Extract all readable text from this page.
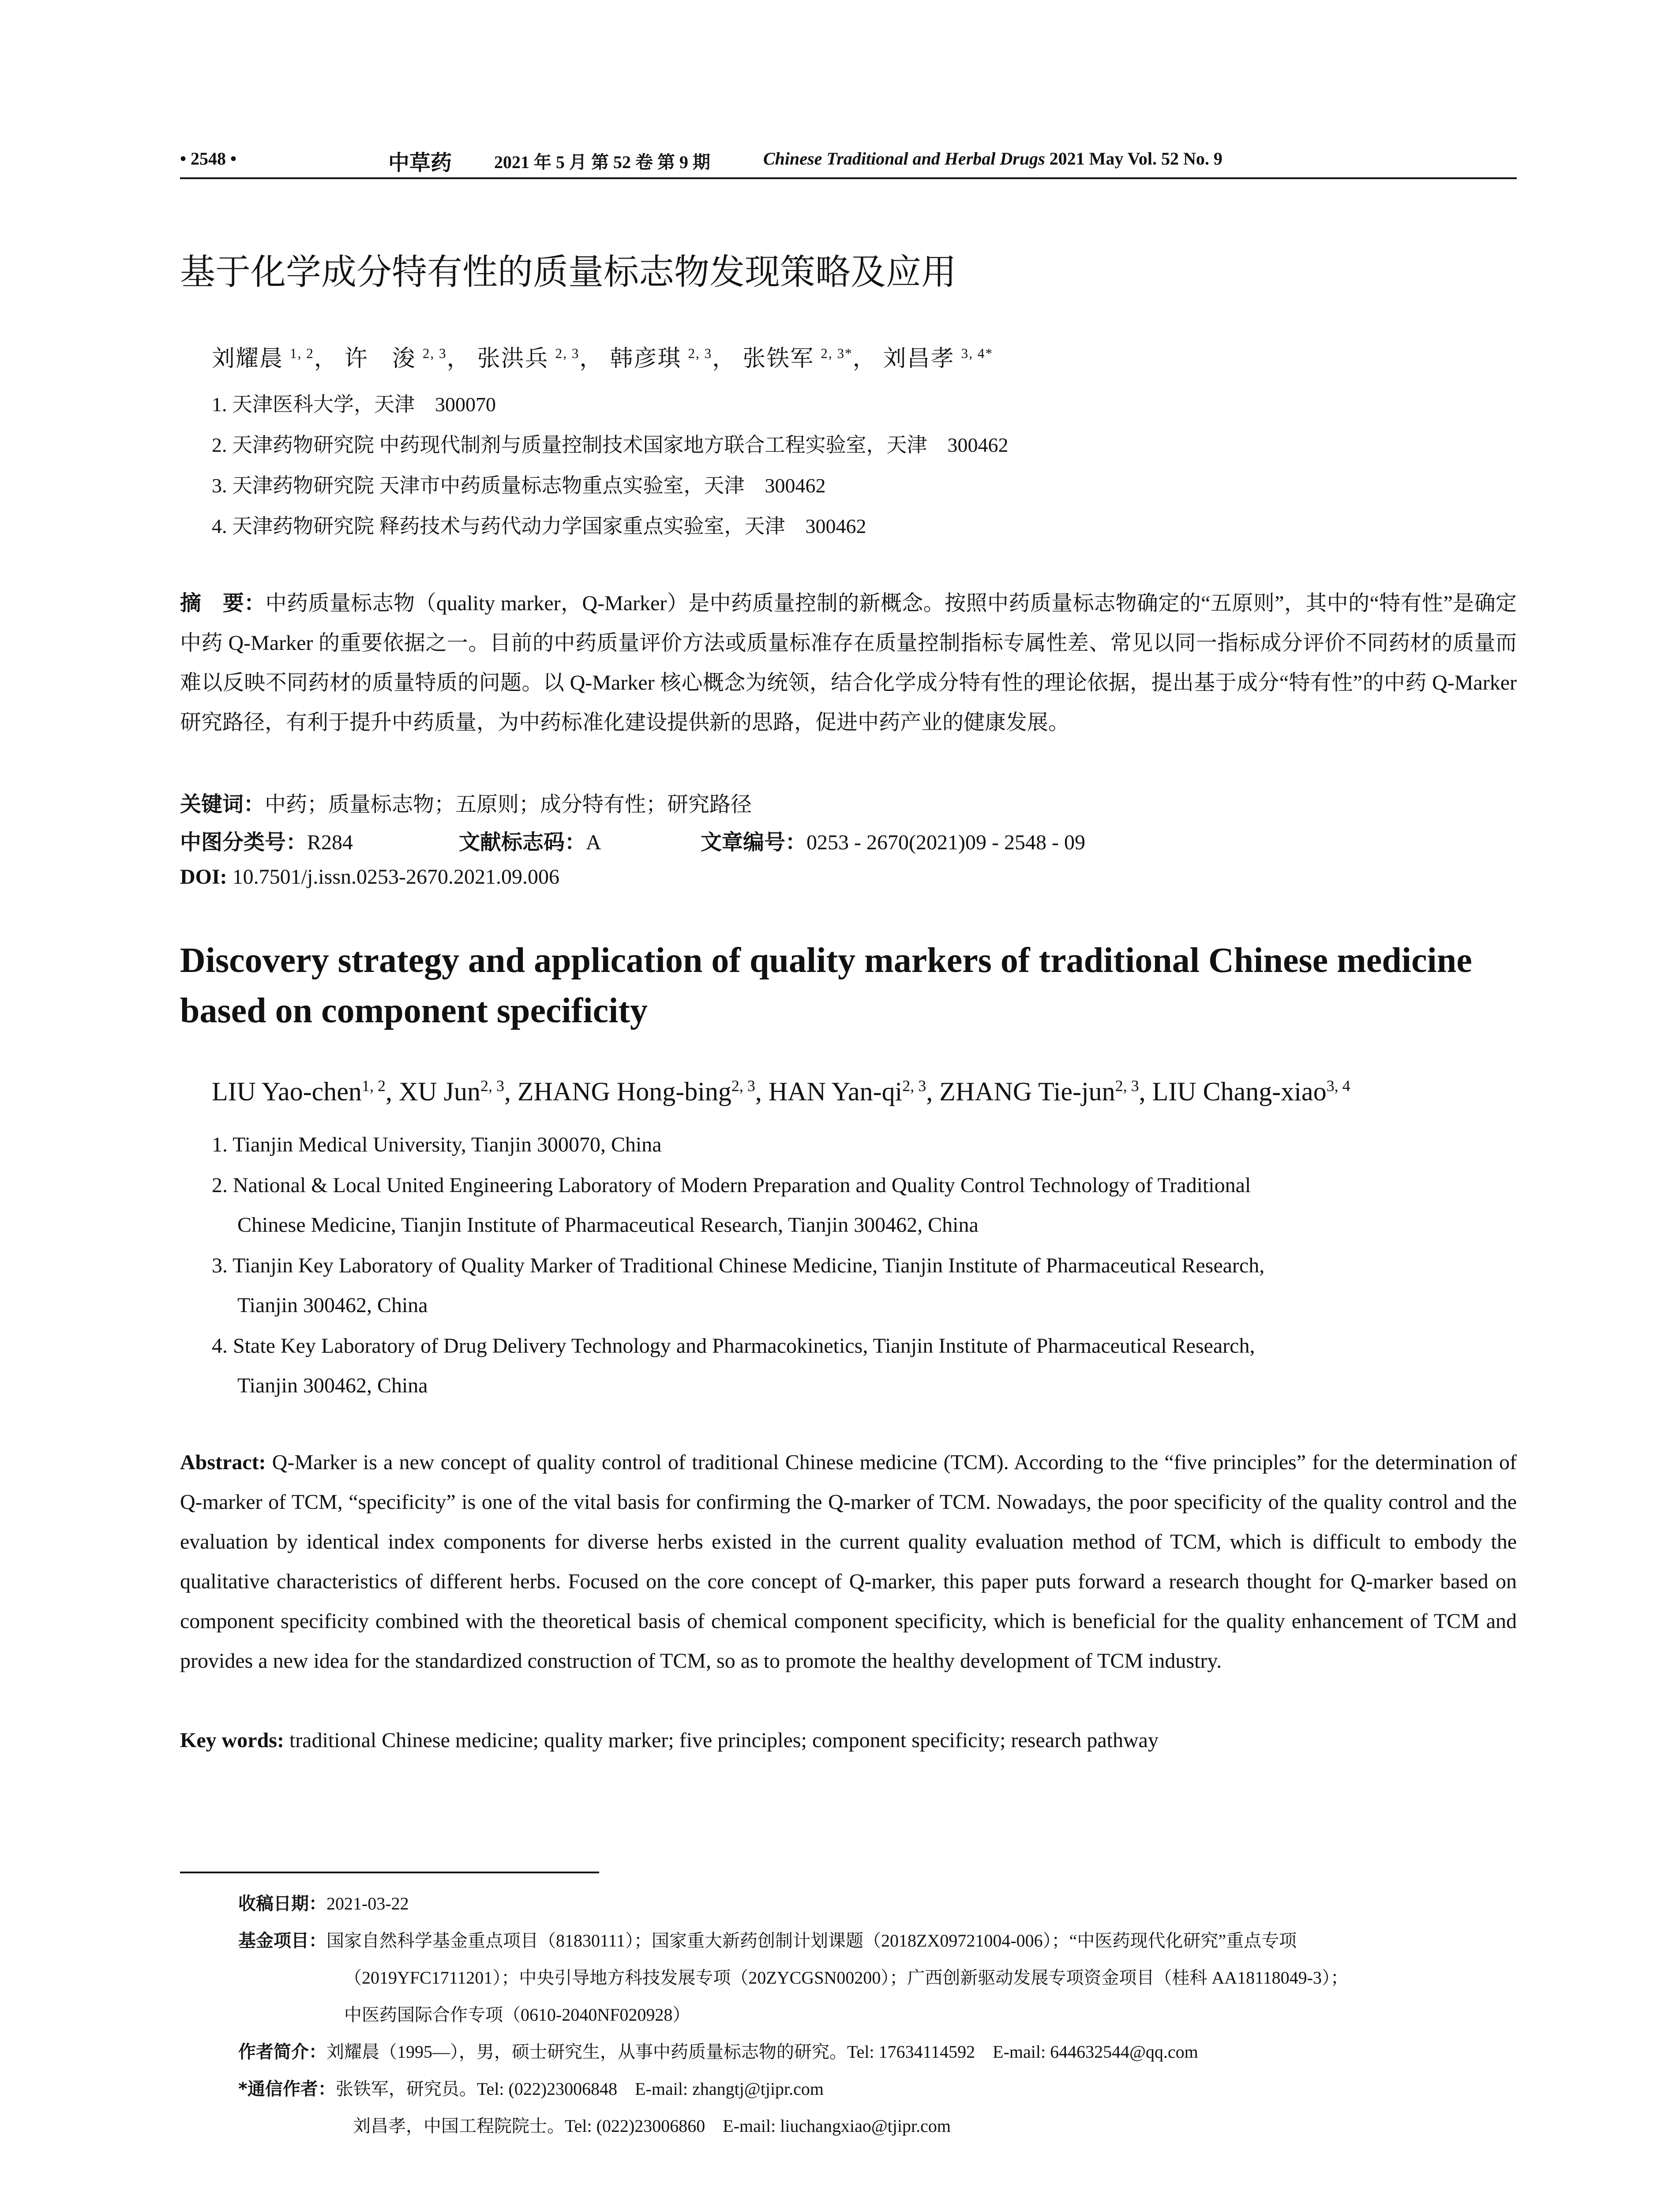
• 2548 •	中草药 2021 年 5 月 第 52 卷 第 9 期	Chinese Traditional and Herbal Drugs 2021 May Vol. 52 No. 9
基于化学成分特有性的质量标志物发现策略及应用
刘耀晨 $^{1, 2}$， 许　浚 $^{2, 3}$， 张洪兵 $^{2, 3}$， 韩彦琪 $^{2, 3}$， 张铁军 $^{2, 3*}$， 刘昌孝 $^{3, 4*}$
1. 天津医科大学，天津　300070
2. 天津药物研究院 中药现代制剂与质量控制技术国家地方联合工程实验室，天津　300462
3. 天津药物研究院 天津市中药质量标志物重点实验室，天津　300462
4. 天津药物研究院 释药技术与药代动力学国家重点实验室，天津　300462
摘　要：中药质量标志物（quality marker，Q-Marker）是中药质量控制的新概念。按照中药质量标志物确定的“五原则”，其中的“特有性”是确定中药 Q-Marker 的重要依据之一。目前的中药质量评价方法或质量标准存在质量控制指标专属性差、常见以同一指标成分评价不同药材的质量而难以反映不同药材的质量特质的问题。以 Q-Marker 核心概念为统领，结合化学成分特有性的理论依据，提出基于成分“特有性”的中药 Q-Marker 研究路径，有利于提升中药质量，为中药标准化建设提供新的思路，促进中药产业的健康发展。
关键词：中药；质量标志物；五原则；成分特有性；研究路径
中图分类号：R284	文献标志码：A	文章编号：0253 - 2670(2021)09 - 2548 - 09
DOI: 10.7501/j.issn.0253-2670.2021.09.006
Discovery strategy and application of quality markers of traditional Chinese medicine based on component specificity
LIU Yao-chen$^{1, 2}$, XU Jun$^{2, 3}$, ZHANG Hong-bing$^{2, 3}$, HAN Yan-qi$^{2, 3}$, ZHANG Tie-jun$^{2, 3}$, LIU Chang-xiao$^{3, 4}$
1. Tianjin Medical University, Tianjin 300070, China
2. National & Local United Engineering Laboratory of Modern Preparation and Quality Control Technology of Traditional
Chinese Medicine, Tianjin Institute of Pharmaceutical Research, Tianjin 300462, China
3. Tianjin Key Laboratory of Quality Marker of Traditional Chinese Medicine, Tianjin Institute of Pharmaceutical Research,
Tianjin 300462, China
4. State Key Laboratory of Drug Delivery Technology and Pharmacokinetics, Tianjin Institute of Pharmaceutical Research,
Tianjin 300462, China
Abstract: Q-Marker is a new concept of quality control of traditional Chinese medicine (TCM). According to the “five principles” for the determination of Q-marker of TCM, “specificity” is one of the vital basis for confirming the Q-marker of TCM. Nowadays, the poor specificity of the quality control and the evaluation by identical index components for diverse herbs existed in the current quality evaluation method of TCM, which is difficult to embody the qualitative characteristics of different herbs. Focused on the core concept of Q-marker, this paper puts forward a research thought for Q-marker based on component specificity combined with the theoretical basis of chemical component specificity, which is beneficial for the quality enhancement of TCM and provides a new idea for the standardized construction of TCM, so as to promote the healthy development of TCM industry.
Key words: traditional Chinese medicine; quality marker; five principles; component specificity; research pathway
收稿日期：2021-03-22
基金项目：国家自然科学基金重点项目（81830111）；国家重大新药创制计划课题（2018ZX09721004-006）；“中医药现代化研究”重点专项
（2019YFC1711201）；中央引导地方科技发展专项（20ZYCGSN00200）；广西创新驱动发展专项资金项目（桂科 AA18118049-3）；
中医药国际合作专项（0610-2040NF020928）
作者简介：刘耀晨（1995—），男，硕士研究生，从事中药质量标志物的研究。Tel: 17634114592　E-mail: 644632544@qq.com
*通信作者：张铁军，研究员。Tel: (022)23006848　E-mail: zhangtj@tjipr.com
刘昌孝，中国工程院院士。Tel: (022)23006860　E-mail: liuchangxiao@tjipr.com
